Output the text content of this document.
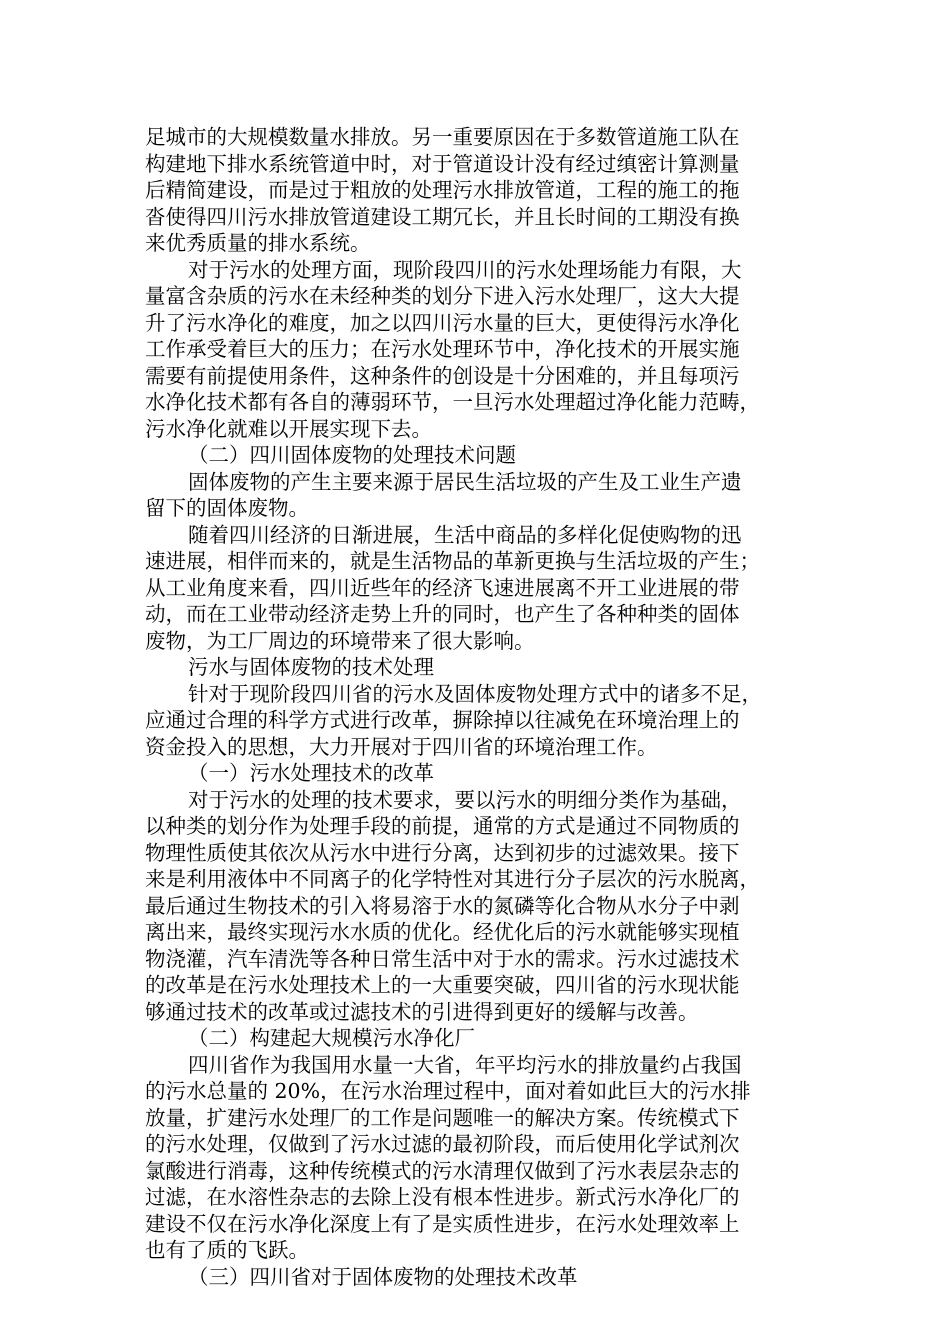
足城市的大规模数量水排放。另一重要原因在于多数管道施工队在
构建地下排水系统管道中时，对于管道设计没有经过缜密计算测量
后精简建设，而是过于粗放的处理污水排放管道，工程的施工的拖
沓使得四川污水排放管道建设工期冗长，并且长时间的工期没有换
来优秀质量的排水系统。
对于污水的处理方面，现阶段四川的污水处理场能力有限，大
量富含杂质的污水在未经种类的划分下进入污水处理厂，这大大提
升了污水净化的难度，加之以四川污水量的巨大，更使得污水净化
工作承受着巨大的压力；在污水处理环节中，净化技术的开展实施
需要有前提使用条件，这种条件的创设是十分困难的，并且每项污
水净化技术都有各自的薄弱环节，一旦污水处理超过净化能力范畴，
污水净化就难以开展实现下去。
（二）四川固体废物的处理技术问题
固体废物的产生主要来源于居民生活垃圾的产生及工业生产遗
留下的固体废物。
随着四川经济的日渐进展，生活中商品的多样化促使购物的迅
速进展，相伴而来的，就是生活物品的革新更换与生活垃圾的产生；
从工业角度来看，四川近些年的经济飞速进展离不开工业进展的带
动，而在工业带动经济走势上升的同时，也产生了各种种类的固体
废物，为工厂周边的环境带来了很大影响。
污水与固体废物的技术处理
针对于现阶段四川省的污水及固体废物处理方式中的诸多不足，
应通过合理的科学方式进行改革，摒除掉以往减免在环境治理上的
资金投入的思想，大力开展对于四川省的环境治理工作。
（一）污水处理技术的改革
对于污水的处理的技术要求，要以污水的明细分类作为基础，
以种类的划分作为处理手段的前提，通常的方式是通过不同物质的
物理性质使其依次从污水中进行分离，达到初步的过滤效果。接下
来是利用液体中不同离子的化学特性对其进行分子层次的污水脱离，
最后通过生物技术的引入将易溶于水的氮磷等化合物从水分子中剥
离出来，最终实现污水水质的优化。经优化后的污水就能够实现植
物浇灌，汽车清洗等各种日常生活中对于水的需求。污水过滤技术
的改革是在污水处理技术上的一大重要突破，四川省的污水现状能
够通过技术的改革或过滤技术的引进得到更好的缓解与改善。
（二）构建起大规模污水净化厂
四川省作为我国用水量一大省，年平均污水的排放量约占我国
的污水总量的 20%，在污水治理过程中，面对着如此巨大的污水排
放量，扩建污水处理厂的工作是问题唯一的解决方案。传统模式下
的污水处理，仅做到了污水过滤的最初阶段，而后使用化学试剂次
氯酸进行消毒，这种传统模式的污水清理仅做到了污水表层杂志的
过滤，在水溶性杂志的去除上没有根本性进步。新式污水净化厂的
建设不仅在污水净化深度上有了是实质性进步，在污水处理效率上
也有了质的飞跃。
（三）四川省对于固体废物的处理技术改革
